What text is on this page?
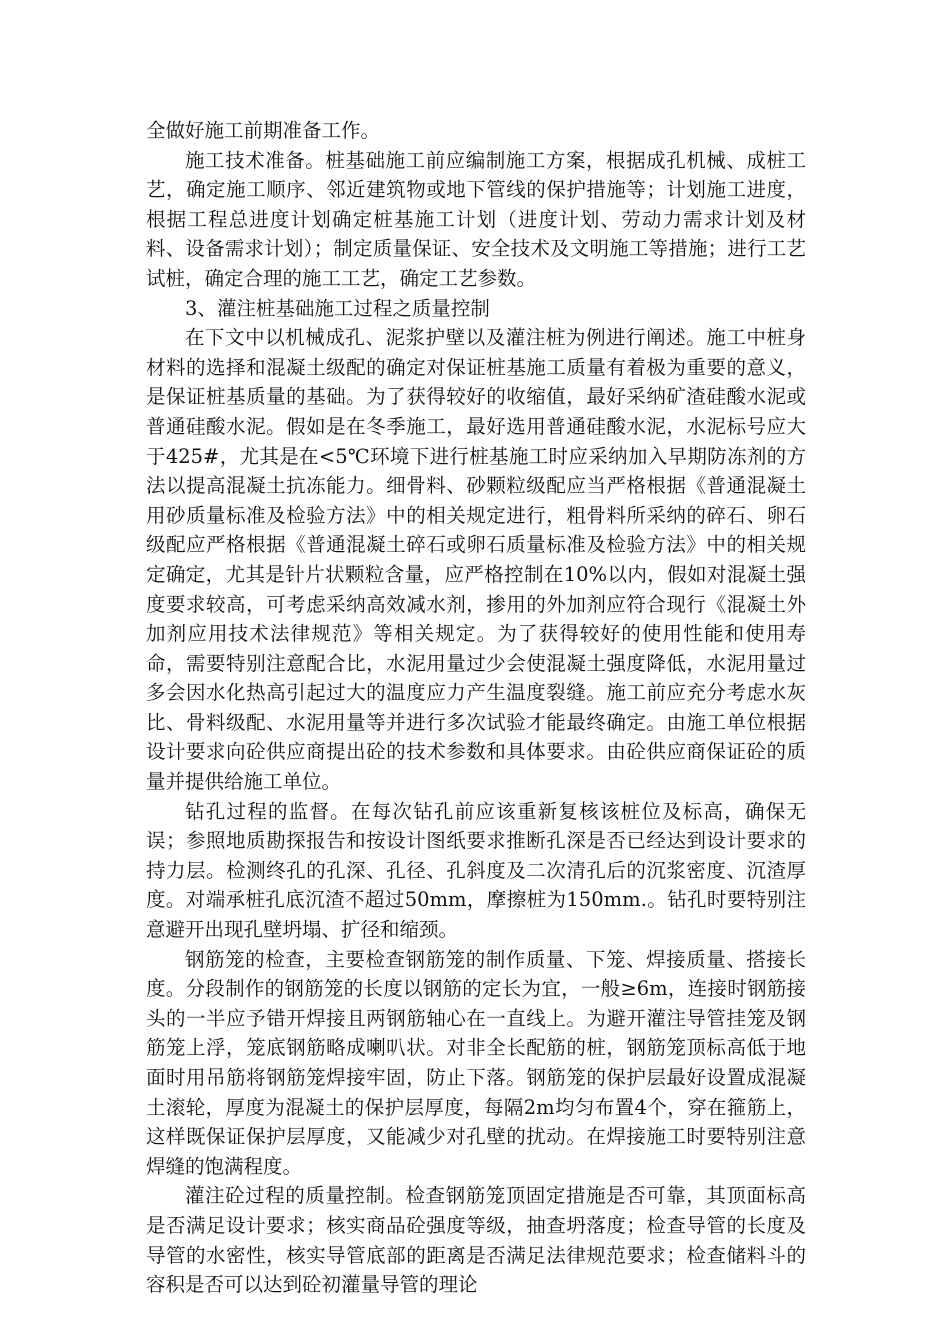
全做好施工前期准备工作。

施工技术准备。桩基础施工前应编制施工方案，根据成孔机械、成桩工艺，确定施工顺序、邻近建筑物或地下管线的保护措施等；计划施工进度，根据工程总进度计划确定桩基施工计划（进度计划、劳动力需求计划及材料、设备需求计划）；制定质量保证、安全技术及文明施工等措施；进行工艺试桩，确定合理的施工工艺，确定工艺参数。

3、灌注桩基础施工过程之质量控制

在下文中以机械成孔、泥浆护壁以及灌注桩为例进行阐述。施工中桩身材料的选择和混凝土级配的确定对保证桩基施工质量有着极为重要的意义，是保证桩基质量的基础。为了获得较好的收缩值，最好采纳矿渣硅酸水泥或普通硅酸水泥。假如是在冬季施工，最好选用普通硅酸水泥，水泥标号应大于425#，尤其是在<5℃环境下进行桩基施工时应采纳加入早期防冻剂的方法以提高混凝土抗冻能力。细骨料、砂颗粒级配应当严格根据《普通混凝土用砂质量标准及检验方法》中的相关规定进行，粗骨料所采纳的碎石、卵石级配应严格根据《普通混凝土碎石或卵石质量标准及检验方法》中的相关规定确定，尤其是针片状颗粒含量，应严格控制在10%以内，假如对混凝土强度要求较高，可考虑采纳高效减水剂，掺用的外加剂应符合现行《混凝土外加剂应用技术法律规范》等相关规定。为了获得较好的使用性能和使用寿命，需要特别注意配合比，水泥用量过少会使混凝土强度降低，水泥用量过多会因水化热高引起过大的温度应力产生温度裂缝。施工前应充分考虑水灰比、骨料级配、水泥用量等并进行多次试验才能最终确定。由施工单位根据设计要求向砼供应商提出砼的技术参数和具体要求。由砼供应商保证砼的质量并提供给施工单位。

钻孔过程的监督。在每次钻孔前应该重新复核该桩位及标高，确保无误；参照地质勘探报告和按设计图纸要求推断孔深是否已经达到设计要求的持力层。检测终孔的孔深、孔径、孔斜度及二次清孔后的沉浆密度、沉渣厚度。对端承桩孔底沉渣不超过50mm，摩擦桩为150mm.。钻孔时要特别注意避开出现孔壁坍塌、扩径和缩颈。

钢筋笼的检查，主要检查钢筋笼的制作质量、下笼、焊接质量、搭接长度。分段制作的钢筋笼的长度以钢筋的定长为宜，一般≥6m，连接时钢筋接头的一半应予错开焊接且两钢筋轴心在一直线上。为避开灌注导管挂笼及钢筋笼上浮，笼底钢筋略成喇叭状。对非全长配筋的桩，钢筋笼顶标高低于地面时用吊筋将钢筋笼焊接牢固，防止下落。钢筋笼的保护层最好设置成混凝土滚轮，厚度为混凝土的保护层厚度，每隔2m均匀布置4个，穿在箍筋上，这样既保证保护层厚度，又能减少对孔壁的扰动。在焊接施工时要特别注意焊缝的饱满程度。

灌注砼过程的质量控制。检查钢筋笼顶固定措施是否可靠，其顶面标高是否满足设计要求；核实商品砼强度等级，抽查坍落度；检查导管的长度及导管的水密性，核实导管底部的距离是否满足法律规范要求；检查储料斗的容积是否可以达到砼初灌量导管的理论
